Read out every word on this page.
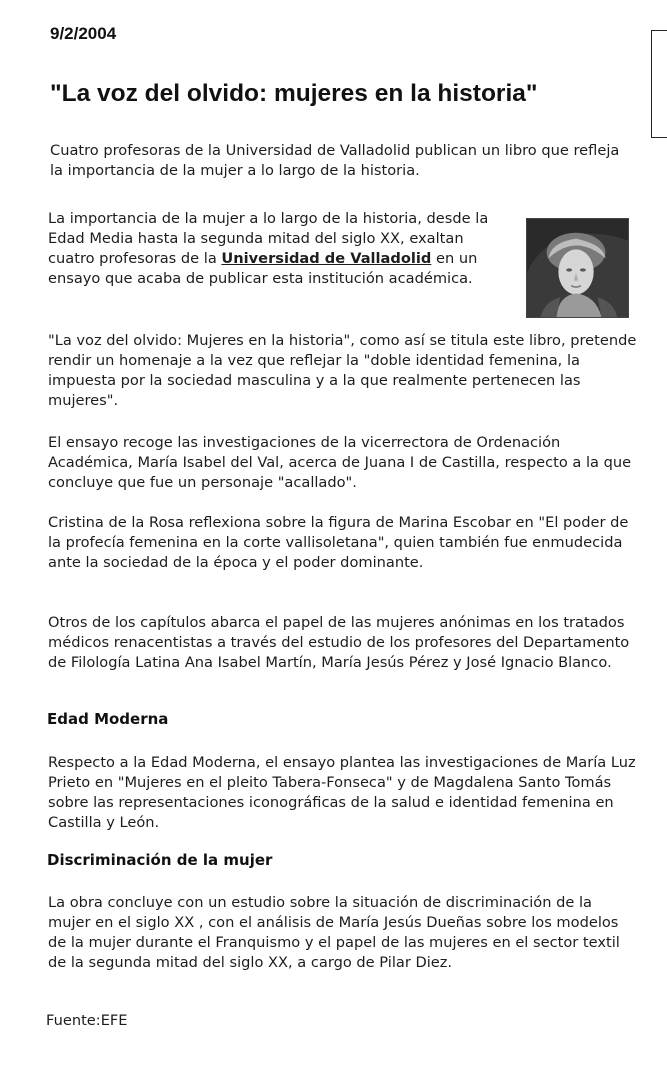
9/2/2004
"La voz del olvido: mujeres en la historia"

Cuatro profesoras de la Universidad de Valladolid publican un libro que refleja la importancia de la mujer a lo largo de la historia.

La importancia de la mujer a lo largo de la historia, desde la Edad Media hasta la segunda mitad del siglo XX, exaltan cuatro profesoras de la Universidad de Valladolid en un ensayo que acaba de publicar esta institución académica.

"La voz del olvido: Mujeres en la historia", como así se titula este libro, pretende rendir un homenaje a la vez que reflejar la "doble identidad femenina, la impuesta por la sociedad masculina y a la que realmente pertenecen las mujeres".

El ensayo recoge las investigaciones de la vicerrectora de Ordenación Académica, María Isabel del Val, acerca de Juana I de Castilla, respecto a la que concluye que fue un personaje "acallado".

Cristina de la Rosa reflexiona sobre la figura de Marina Escobar en "El poder de la profecía femenina en la corte vallisoletana", quien también fue enmudecida ante la sociedad de la época y el poder dominante.

Otros de los capítulos abarca el papel de las mujeres anónimas en los tratados médicos renacentistas a través del estudio de los profesores del Departamento de Filología Latina Ana Isabel Martín, María Jesús Pérez y José Ignacio Blanco.

Edad Moderna

Respecto a la Edad Moderna, el ensayo plantea las investigaciones de María Luz Prieto en "Mujeres en el pleito Tabera-Fonseca" y de Magdalena Santo Tomás sobre las representaciones iconográficas de la salud e identidad femenina en Castilla y León.

Discriminación de la mujer

La obra concluye con un estudio sobre la situación de discriminación de la mujer en el siglo XX , con el análisis de María Jesús Dueñas sobre los modelos de la mujer durante el Franquismo y el papel de las mujeres en el sector textil de la segunda mitad del siglo XX, a cargo de Pilar Diez.

Fuente:EFE
